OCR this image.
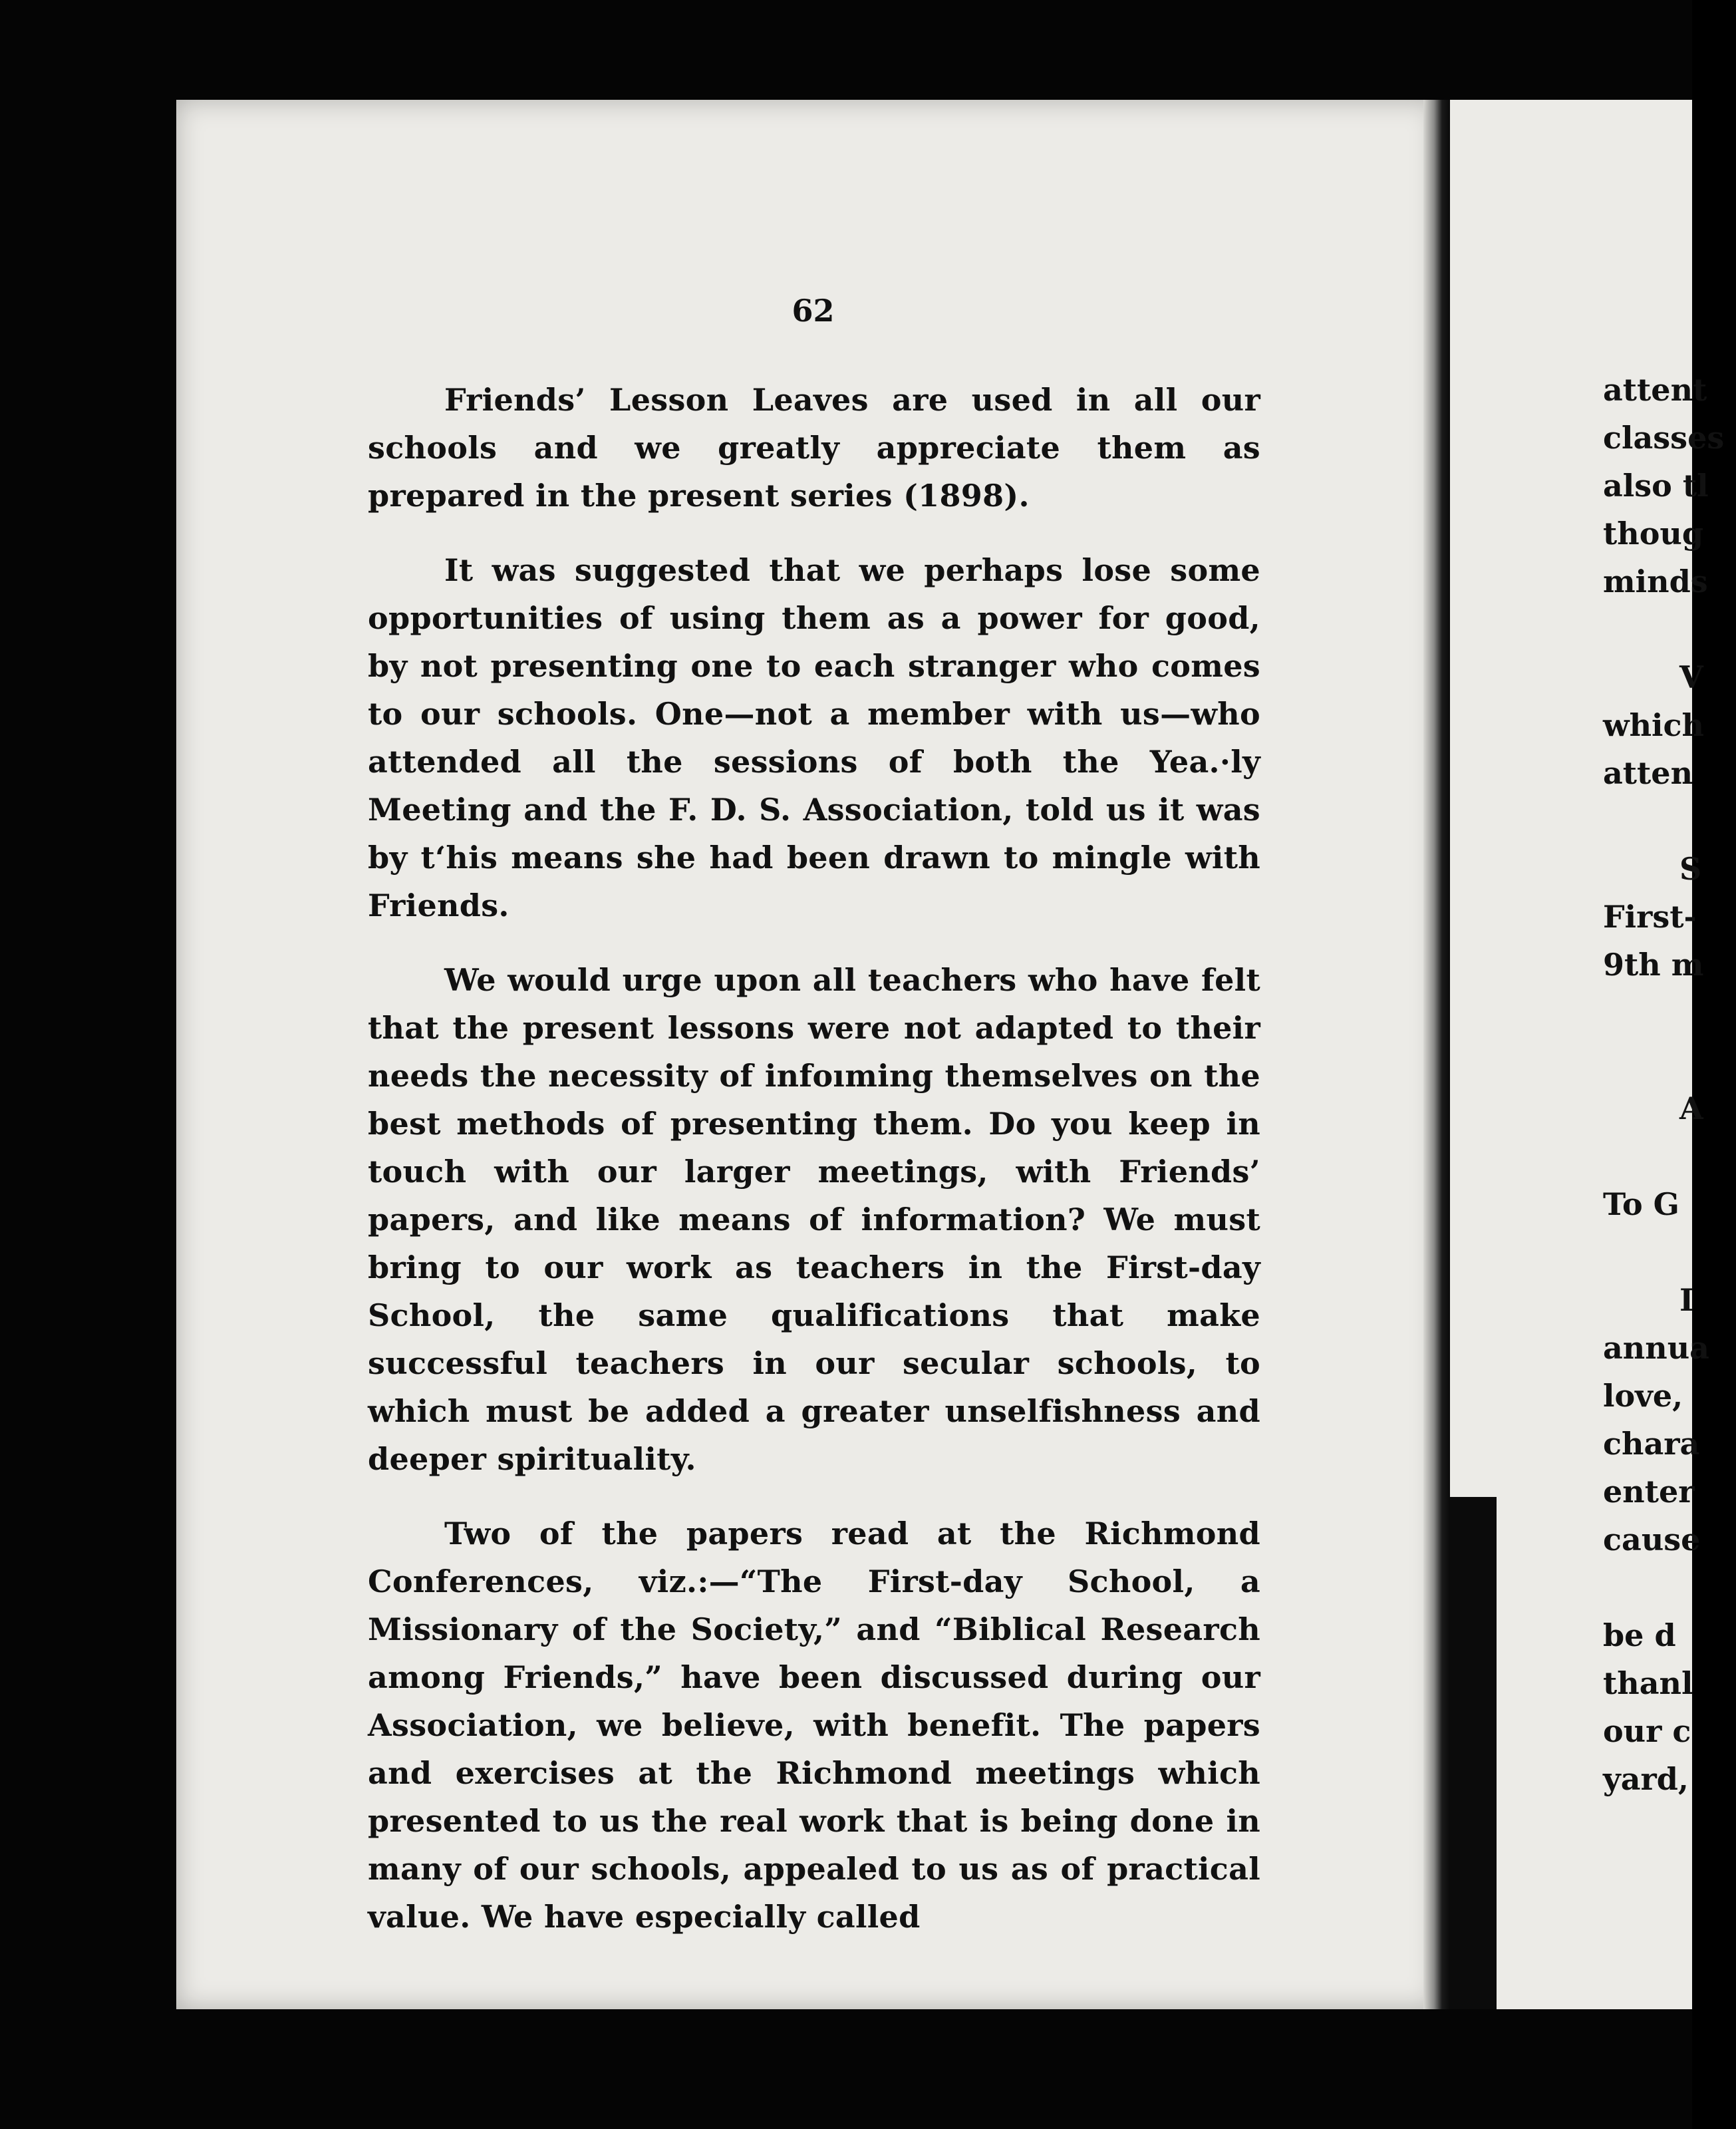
attent
classes
also tl
thoug
minds
V
which
atten
S
First-
9th m
A
To G
I
annua
love,
chara
enter
cause
be d
thanl
our c
yard,
62

Friends’ Lesson Leaves are used in all our schools and we greatly appreciate them as prepared in the present series (1898).

It was suggested that we perhaps lose some opportunities of using them as a power for good, by not presenting one to each stranger who comes to our schools. One—not a member with us—who attended all the sessions of both the Yea.·ly Meeting and the F. D. S. Association, told us it was by t‘his means she had been drawn to mingle with Friends.

We would urge upon all teachers who have felt that the present lessons were not adapted to their needs the necessity of infoıming themselves on the best methods of presenting them. Do you keep in touch with our larger meetings, with Friends’ papers, and like means of information? We must bring to our work as teachers in the First-day School, the same qualifications that make successful teachers in our secular schools, to which must be added a greater unselfishness and deeper spirituality.

Two of the papers read at the Richmond Conferences, viz.:—“The First-day School, a Missionary of the Society,” and “Biblical Research among Friends,” have been discussed during our Association, we believe, with benefit. The papers and exercises at the Richmond meetings which presented to us the real work that is being done in many of our schools, appealed to us as of practical value. We have especially called
